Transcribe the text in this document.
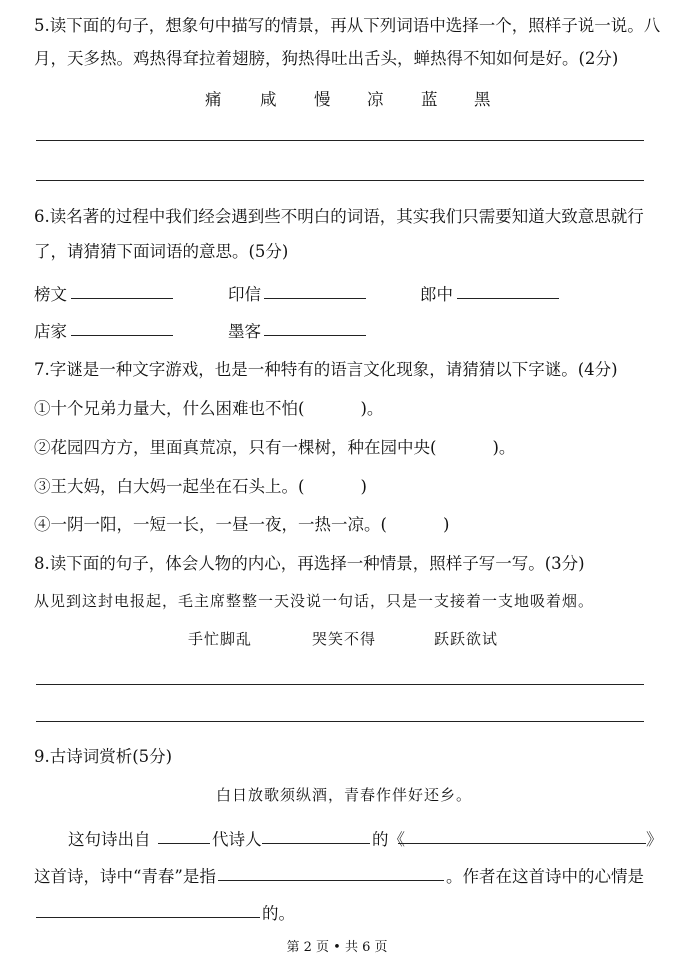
5.读下面的句子，想象句中描写的情景，再从下列词语中选择一个，照样子说一说。八
月，天多热。鸡热得耷拉着翅膀，狗热得吐出舌头，蝉热得不知如何是好。(2分)
痛 咸 慢 凉 蓝 黑
6.读名著的过程中我们经会遇到些不明白的词语，其实我们只需要知道大致意思就行
了，请猜猜下面词语的意思。(5分)
榜文	印信	郎中
店家	墨客
7.字谜是一种文字游戏，也是一种特有的语言文化现象，请猜猜以下字谜。(4分)
①十个兄弟力量大，什么困难也不怕(	)。
②花园四方方，里面真荒凉，只有一棵树，种在园中央(	)。
③王大妈，白大妈一起坐在石头上。(	)
④一阴一阳，一短一长，一昼一夜，一热一凉。(	)
8.读下面的句子，体会人物的内心，再选择一种情景，照样子写一写。(3分)
从见到这封电报起，毛主席整整一天没说一句话，只是一支接着一支地吸着烟。
手忙脚乱	哭笑不得	跃跃欲试
9.古诗词赏析(5分)
白日放歌须纵酒，青春作伴好还乡。
这句诗出自	代诗人	的《	》
这首诗，诗中“青春”是指	。作者在这首诗中的心情是
的。
第 2 页 • 共 6 页
